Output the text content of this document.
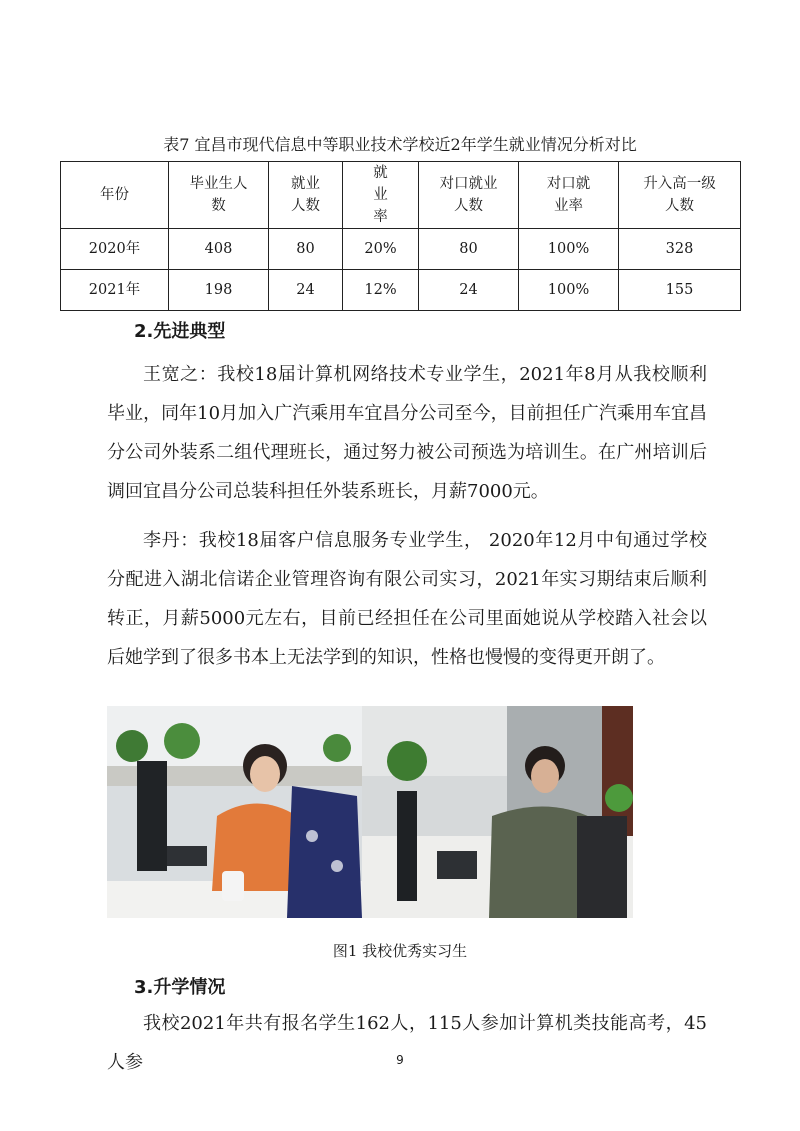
表7 宜昌市现代信息中等职业技术学校近2年学生就业情况分析对比
年份	毕业生人数	就业人数	就业率	对口就业人数	对口就业率	升入高一级人数
2020年	408	80	20%	80	100%	328
2021年	198	24	12%	24	100%	155
2.先进典型

王宽之：我校18届计算机网络技术专业学生，2021年8月从我校顺利毕业，同年10月加入广汽乘用车宜昌分公司至今，目前担任广汽乘用车宜昌分公司外装系二组代理班长，通过努力被公司预选为培训生。在广州培训后调回宜昌分公司总装科担任外装系班长，月薪7000元。

李丹：我校18届客户信息服务专业学生， 2020年12月中旬通过学校分配进入湖北信诺企业管理咨询有限公司实习，2021年实习期结束后顺利转正，月薪5000元左右，目前已经担任在公司里面她说从学校踏入社会以后她学到了很多书本上无法学到的知识，性格也慢慢的变得更开朗了。

图1 我校优秀实习生
3.升学情况

我校2021年共有报名学生162人，115人参加计算机类技能高考，45人参	9
